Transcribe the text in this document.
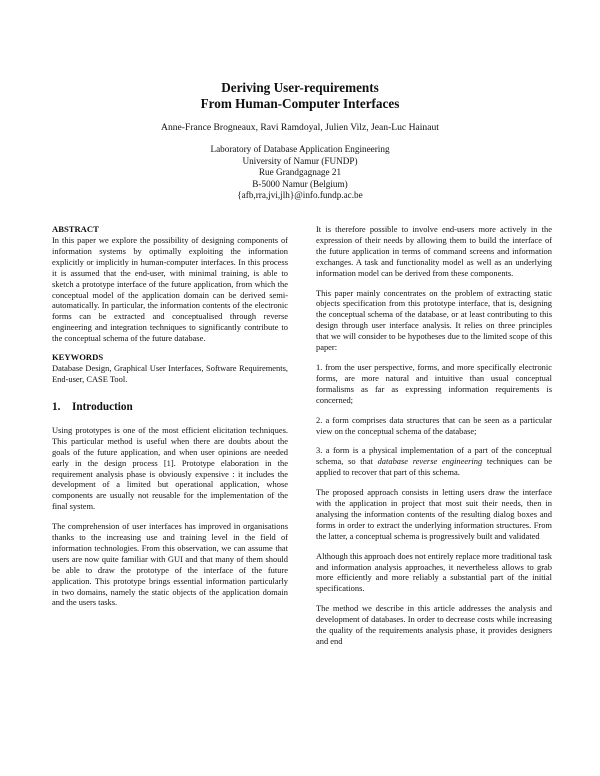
Deriving User-requirements
From Human-Computer Interfaces
Anne-France Brogneaux, Ravi Ramdoyal, Julien Vilz, Jean-Luc Hainaut
Laboratory of Database Application Engineering
University of Namur (FUNDP)
Rue Grandgagnage 21
B-5000 Namur (Belgium)
{afb,rra,jvi,jlh}@info.fundp.ac.be
ABSTRACT

In this paper we explore the possibility of designing components of information systems by optimally exploiting the information explicitly or implicitly in human-computer interfaces. In this process it is assumed that the end-user, with minimal training, is able to sketch a prototype interface of the future application, from which the conceptual model of the application domain can be derived semi-automatically. In particular, the information contents of the electronic forms can be extracted and conceptualised through reverse engineering and integration techniques to significantly contribute to the conceptual schema of the future database.

KEYWORDS

Database Design, Graphical User Interfaces, Software Requirements, End-user, CASE Tool.

1. Introduction

Using prototypes is one of the most efficient elicitation techniques. This particular method is useful when there are doubts about the goals of the future application, and when user opinions are needed early in the design process [1]. Prototype elaboration in the requirement analysis phase is obviously expensive : it includes the development of a limited but operational application, whose components are usually not reusable for the implementation of the final system.

The comprehension of user interfaces has improved in organisations thanks to the increasing use and training level in the field of information technologies. From this observation, we can assume that users are now quite familiar with GUI and that many of them should be able to draw the prototype of the interface of the future application. This prototype brings essential information particularly in two domains, namely the static objects of the application domain and the users tasks.

It is therefore possible to involve end-users more actively in the expression of their needs by allowing them to build the interface of the future application in terms of command screens and information exchanges. A task and functionality model as well as an underlying information model can be derived from these components.

This paper mainly concentrates on the problem of extracting static objects specification from this prototype interface, that is, designing the conceptual schema of the database, or at least contributing to this design through user interface analysis. It relies on three principles that we will consider to be hypotheses due to the limited scope of this paper:

1. from the user perspective, forms, and more specifically electronic forms, are more natural and intuitive than usual conceptual formalisms as far as expressing information requirements is concerned;

2. a form comprises data structures that can be seen as a particular view on the conceptual schema of the database;

3. a form is a physical implementation of a part of the conceptual schema, so that database reverse engineering techniques can be applied to recover that part of this schema.

The proposed approach consists in letting users draw the interface with the application in project that most suit their needs, then in analysing the information contents of the resulting dialog boxes and forms in order to extract the underlying information structures. From the latter, a conceptual schema is progressively built and validated

Although this approach does not entirely replace more traditional task and information analysis approaches, it nevertheless allows to grab more efficiently and more reliably a substantial part of the initial specifications.

The method we describe in this article addresses the analysis and development of databases. In order to decrease costs while increasing the quality of the requirements analysis phase, it provides designers and end
